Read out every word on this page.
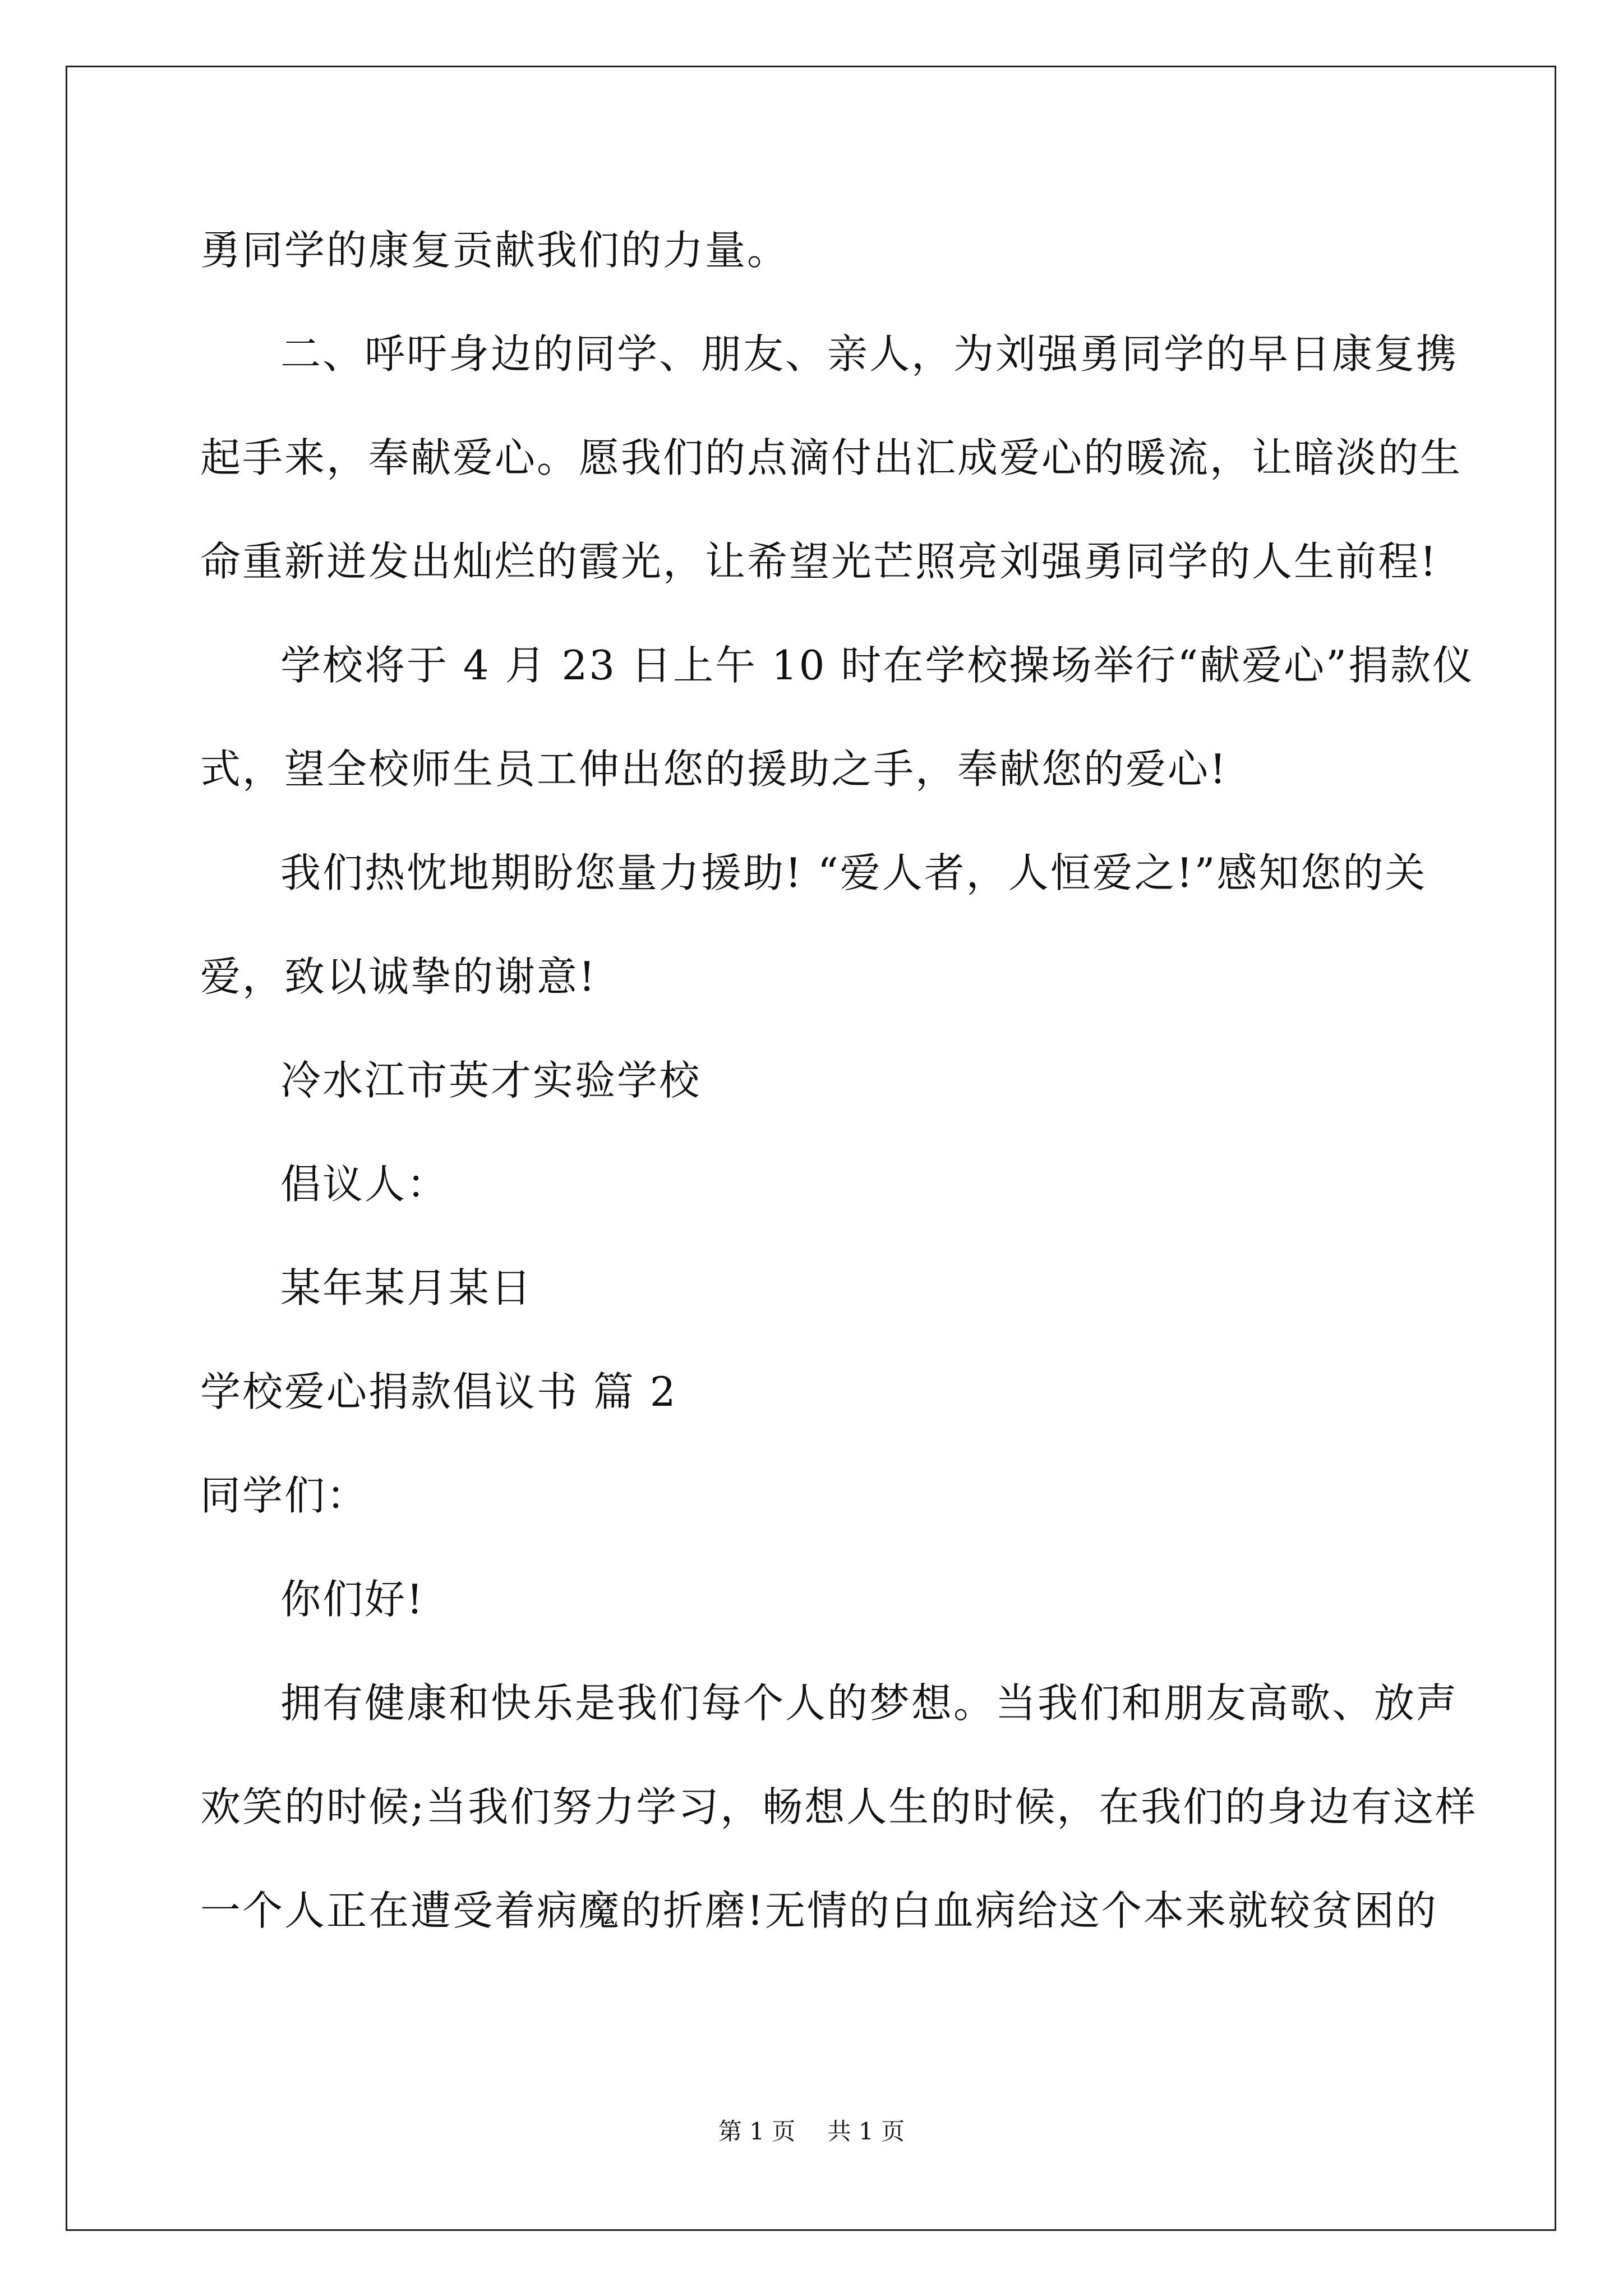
勇同学的康复贡献我们的力量。
二、呼吁身边的同学、朋友、亲人，为刘强勇同学的早日康复携
起手来，奉献爱心。愿我们的点滴付出汇成爱心的暖流，让暗淡的生
命重新迸发出灿烂的霞光，让希望光芒照亮刘强勇同学的人生前程!
学校将于 4 月 23 日上午 10 时在学校操场举行“献爱心”捐款仪
式，望全校师生员工伸出您的援助之手，奉献您的爱心!
我们热忱地期盼您量力援助! “爱人者，人恒爱之!”感知您的关
爱，致以诚挚的谢意!
冷水江市英才实验学校
倡议人：
某年某月某日
学校爱心捐款倡议书 篇 2
同学们：
你们好!
拥有健康和快乐是我们每个人的梦想。当我们和朋友高歌、放声
欢笑的时候;当我们努力学习，畅想人生的时候，在我们的身边有这样
一个人正在遭受着病魔的折磨!无情的白血病给这个本来就较贫困的
第 1 页 共 1 页
